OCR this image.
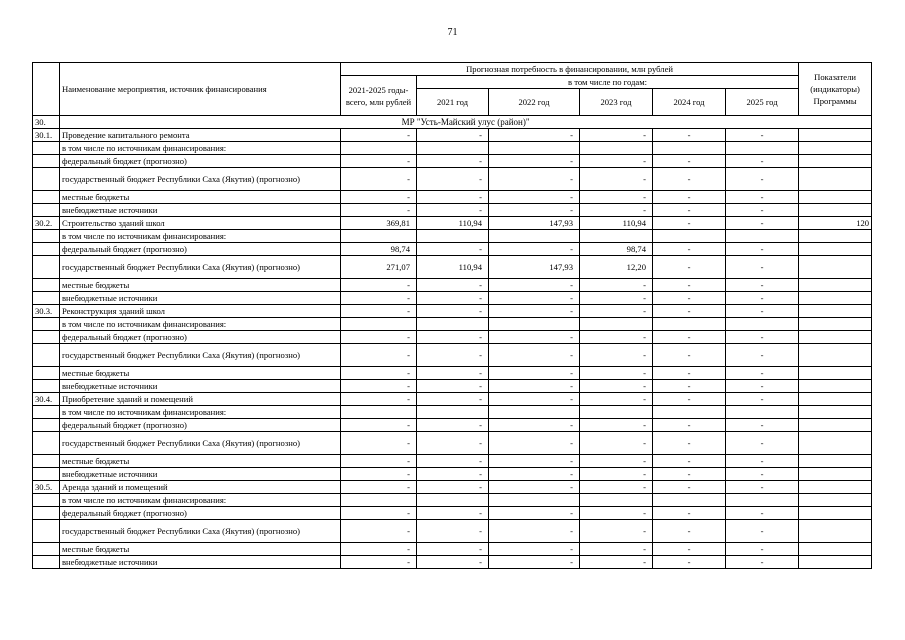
71
	Наименование мероприятия, источник финансирования	Прогнозная потребность в финансировании, млн рублей						Показатели (индикаторы) Программы
		2021-2025 годы- всего, млн рублей	в том числе по годам:					
			2021 год	2022 год	2023 год	2024 год	2025 год	
30.	МР "Усть-Майский улус (район)"							
30.1.	Проведение капитального ремонта	-	-	-	-	-	-	
	в том числе по источникам финансирования:							
	федеральный бюджет (прогнозно)	-	-	-	-	-	-	
	государственный бюджет Республики Саха (Якутия) (прогнозно)	-	-	-	-	-	-	
	местные бюджеты	-	-	-	-	-	-	
	внебюджетные источники	-	-	-	-	-	-	
30.2.	Строительство зданий школ	369,81	110,94	147,93	110,94	-	-	120
	в том числе по источникам финансирования:							
	федеральный бюджет (прогнозно)	98,74	-	-	98,74	-	-	
	государственный бюджет Республики Саха (Якутия) (прогнозно)	271,07	110,94	147,93	12,20	-	-	
	местные бюджеты	-	-	-	-	-	-	
	внебюджетные источники	-	-	-	-	-	-	
30.3.	Реконструкция зданий школ	-	-	-	-	-	-	
	в том числе по источникам финансирования:							
	федеральный бюджет (прогнозно)	-	-	-	-	-	-	
	государственный бюджет Республики Саха (Якутия) (прогнозно)	-	-	-	-	-	-	
	местные бюджеты	-	-	-	-	-	-	
	внебюджетные источники	-	-	-	-	-	-	
30.4.	Приобретение зданий и помещений	-	-	-	-	-	-	
	в том числе по источникам финансирования:							
	федеральный бюджет (прогнозно)	-	-	-	-	-	-	
	государственный бюджет Республики Саха (Якутия) (прогнозно)	-	-	-	-	-	-	
	местные бюджеты	-	-	-	-	-	-	
	внебюджетные источники	-	-	-	-	-	-	
30.5.	Аренда зданий и помещений	-	-	-	-	-	-	
	в том числе по источникам финансирования:							
	федеральный бюджет (прогнозно)	-	-	-	-	-	-	
	государственный бюджет Республики Саха (Якутия) (прогнозно)	-	-	-	-	-	-	
	местные бюджеты	-	-	-	-	-	-	
	внебюджетные источники	-	-	-	-	-	-	
